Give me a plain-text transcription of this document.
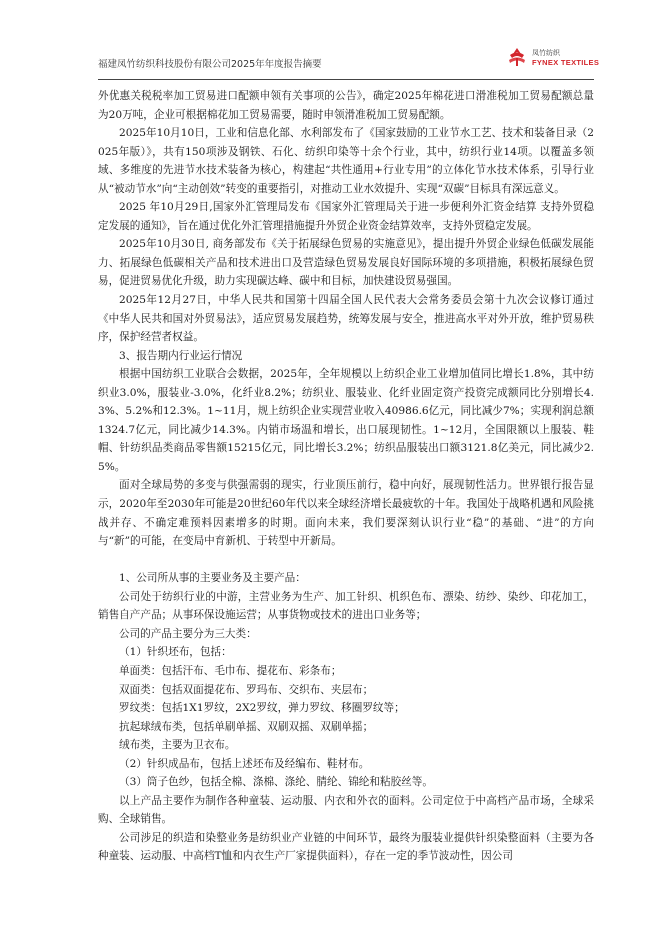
福建凤竹纺织科技股份有限公司2025年年度报告摘要
凤竹纺织
FYNEX TEXTILES

外优惠关税税率加工贸易进口配额申领有关事项的公告》，确定2025年棉花进口滑准税加工贸易配额总量为20万吨，企业可根据棉花加工贸易需要，随时申领滑准税加工贸易配额。

2025年10月10日，工业和信息化部、水利部发布了《国家鼓励的工业节水工艺、技术和装备目录（2025年版）》，共有150项涉及钢铁、石化、纺织印染等十余个行业，其中，纺织行业14项。以覆盖多领域、多维度的先进节水技术装备为核心，构建起“共性通用+行业专用”的立体化节水技术体系，引导行业从“被动节水”向“主动创效”转变的重要指引，对推动工业水效提升、实现“双碳”目标具有深远意义。

2025 年10月29日,国家外汇管理局发布《国家外汇管理局关于进一步便利外汇资金结算 支持外贸稳定发展的通知》，旨在通过优化外汇管理措施提升外贸企业资金结算效率，支持外贸稳定发展。

2025年10月30日, 商务部发布《关于拓展绿色贸易的实施意见》，提出提升外贸企业绿色低碳发展能力、拓展绿色低碳相关产品和技术进出口及营造绿色贸易发展良好国际环境的多项措施，积极拓展绿色贸易，促进贸易优化升级，助力实现碳达峰、碳中和目标，加快建设贸易强国。

2025年12月27日，中华人民共和国第十四届全国人民代表大会常务委员会第十九次会议修订通过《中华人民共和国对外贸易法》，适应贸易发展趋势，统筹发展与安全，推进高水平对外开放，维护贸易秩序，保护经营者权益。

3、报告期内行业运行情况

根据中国纺织工业联合会数据，2025年，全年规模以上纺织企业工业增加值同比增长1.8%，其中纺织业3.0%，服装业-3.0%，化纤业8.2%；纺织业、服装业、化纤业固定资产投资完成额同比分别增长4.3%、5.2%和12.3%。1~11月，规上纺织企业实现营业收入40986.6亿元，同比减少7%；实现利润总额1324.7亿元，同比减少14.3%。内销市场温和增长，出口展现韧性。1~12月，全国限额以上服装、鞋帽、针纺织品类商品零售额15215亿元，同比增长3.2%；纺织品服装出口额3121.8亿美元，同比减少2.5%。

面对全球局势的多变与供强需弱的现实，行业顶压前行，稳中向好，展现韧性活力。世界银行报告显示，2020年至2030年可能是20世纪60年代以来全球经济增长最疲软的十年。我国处于战略机遇和风险挑战并存、不确定难预料因素增多的时期。面向未来，我们要深刻认识行业“稳”的基础、“进”的方向与“新”的可能，在变局中育新机、于转型中开新局。

1、公司所从事的主要业务及主要产品：

公司处于纺织行业的中游，主营业务为生产、加工针织、机织色布、漂染、纺纱、染纱、印花加工，销售自产产品；从事环保设施运营；从事货物或技术的进出口业务等；

公司的产品主要分为三大类：

（1）针织坯布，包括：

单面类：包括汗布、毛巾布、提花布、彩条布；

双面类：包括双面提花布、罗玛布、交织布、夹层布；

罗纹类：包括1X1罗纹，2X2罗纹，弹力罗纹、移圈罗纹等；

抗起球绒布类，包括单刷单摇、双刷双摇、双刷单摇；

绒布类，主要为卫衣布。

（2）针织成品布，包括上述坯布及经编布、鞋材布。

（3）筒子色纱，包括全棉、涤棉、涤纶、腈纶、锦纶和粘胶丝等。

以上产品主要作为制作各种童装、运动服、内衣和外衣的面料。公司定位于中高档产品市场，全球采购、全球销售。

公司涉足的织造和染整业务是纺织业产业链的中间环节，最终为服装业提供针织染整面料（主要为各种童装、运动服、中高档T恤和内衣生产厂家提供面料），存在一定的季节波动性，因公司
